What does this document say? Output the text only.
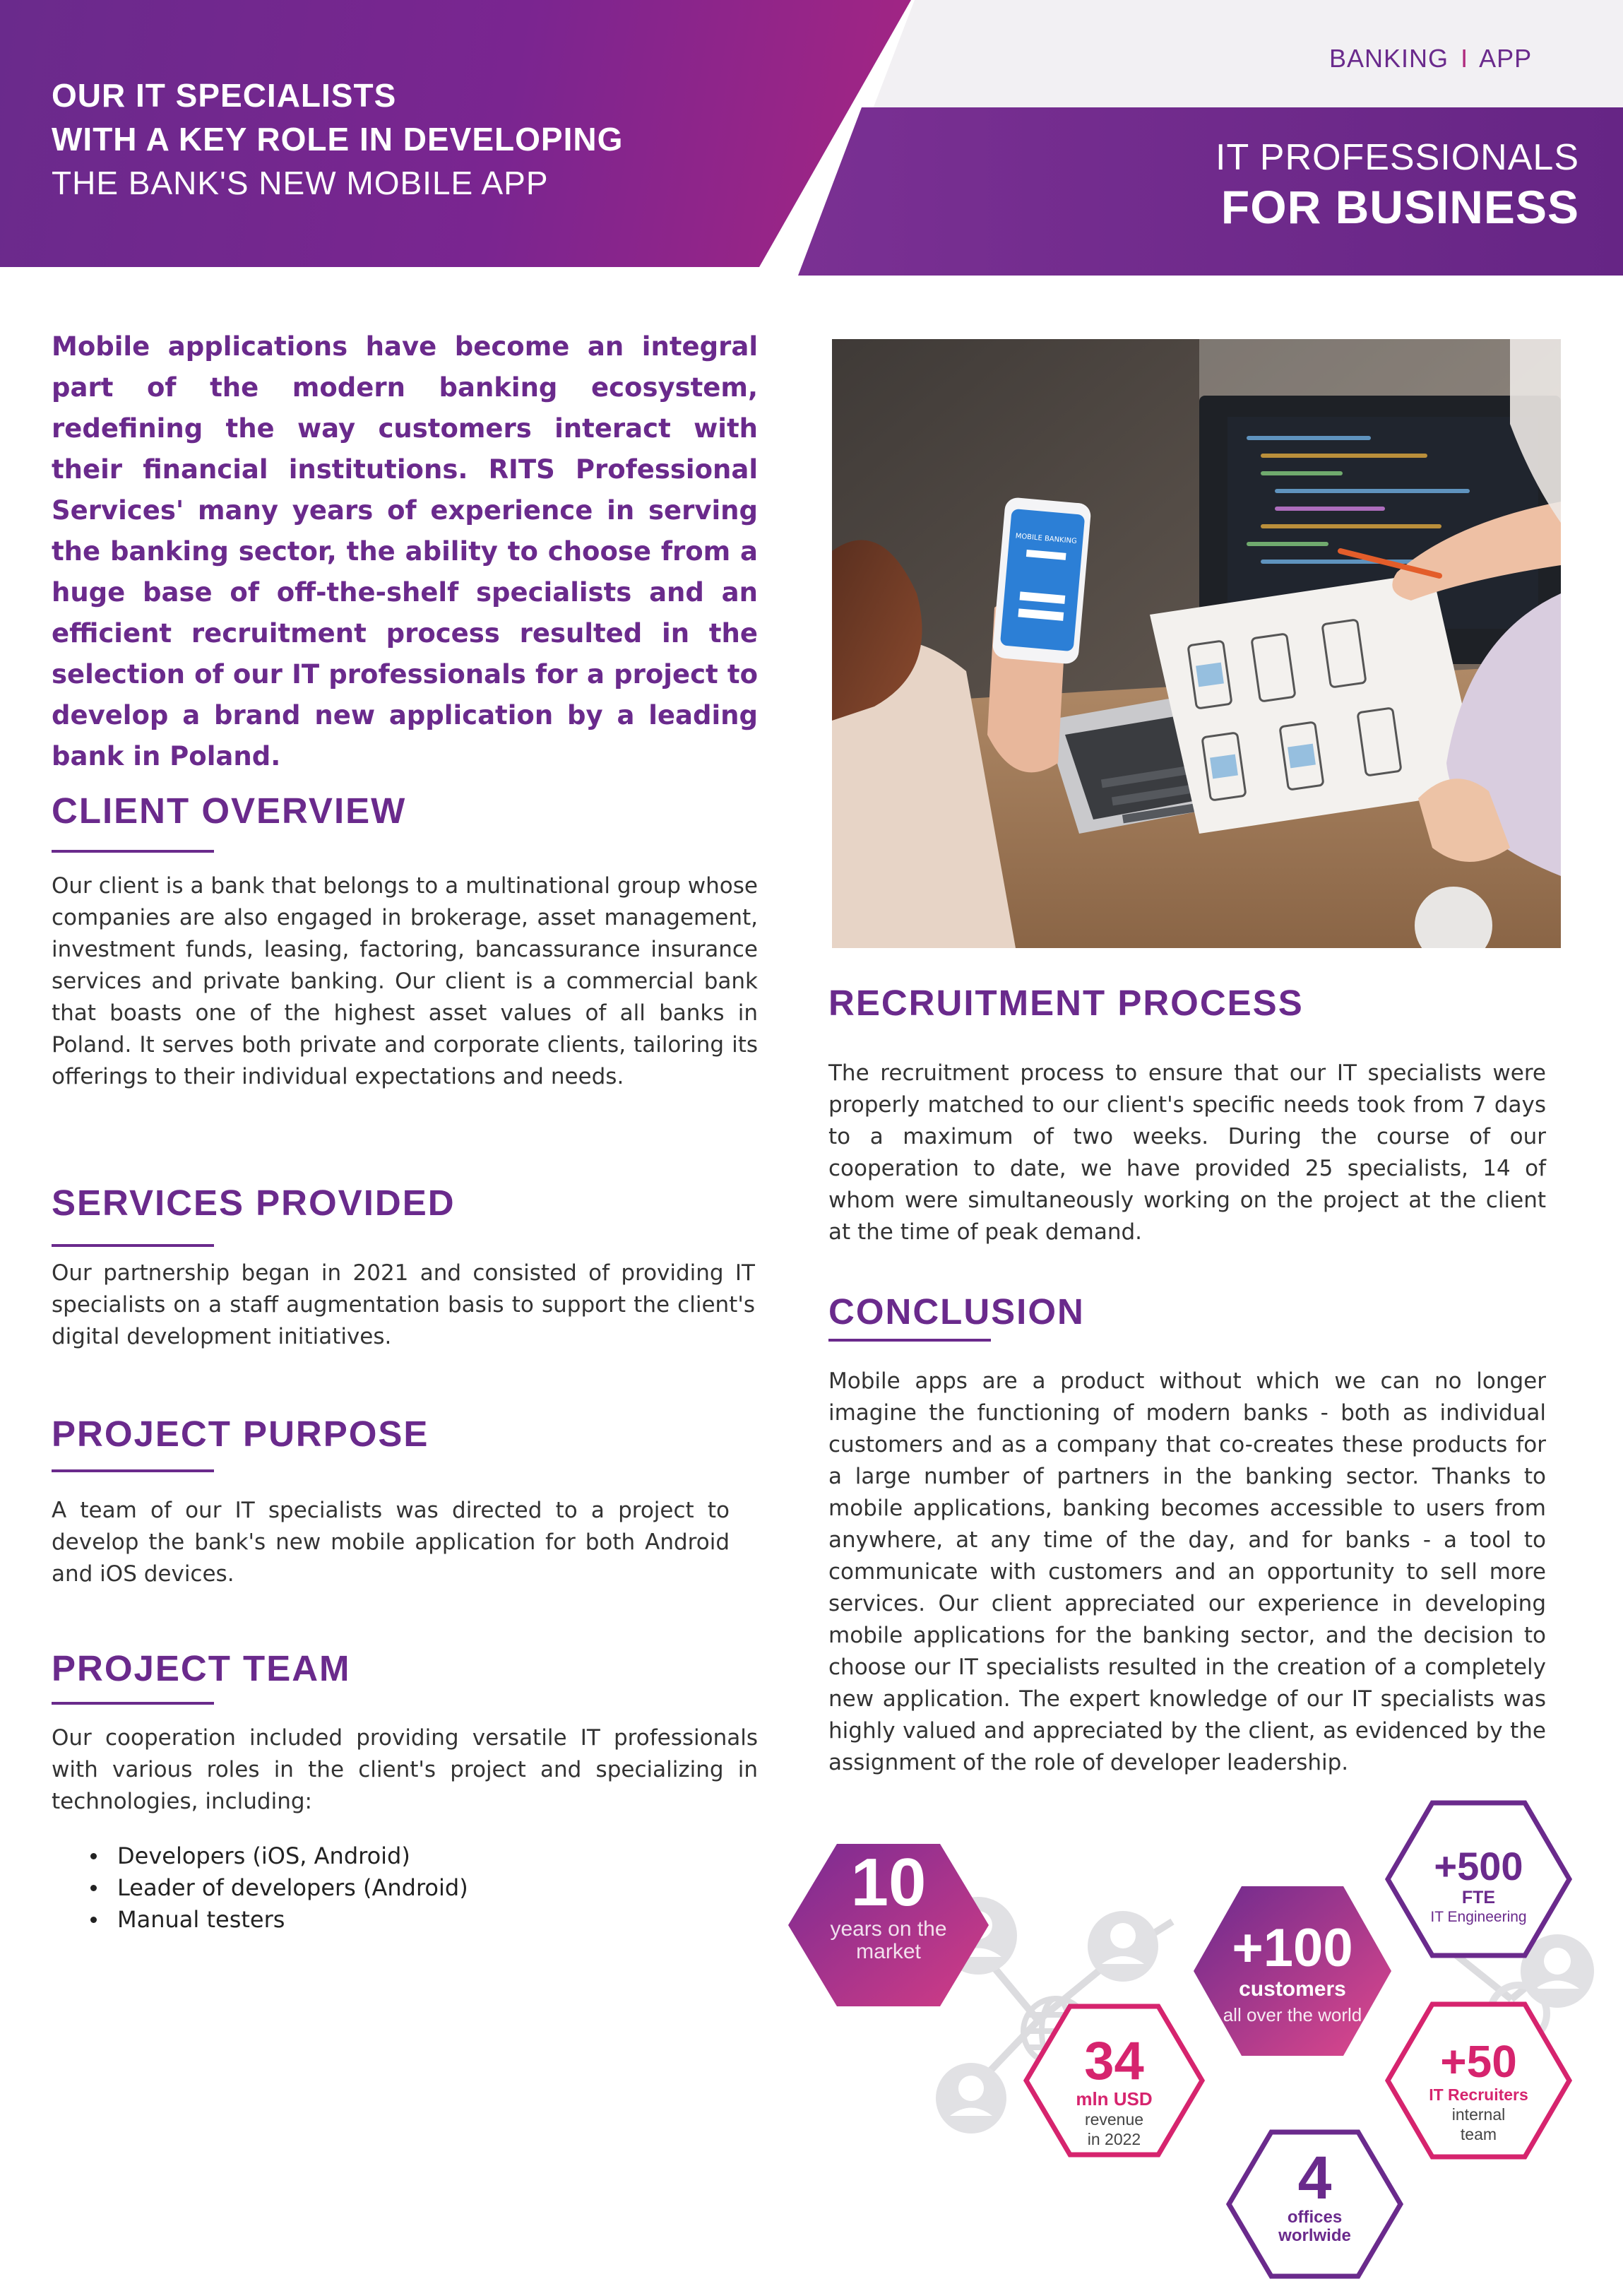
OUR IT SPECIALISTS
WITH A KEY ROLE IN DEVELOPING
THE BANK'S NEW MOBILE APP
BANKING I APP
IT PROFESSIONALS
FOR BUSINESS

Mobile applications have become an integral part of the modern banking ecosystem, redefining the way customers interact with their financial institutions. RITS Professional Services' many years of experience in serving the banking sector, the ability to choose from a huge base of off-the-shelf specialists and an efficient recruitment process resulted in the selection of our IT professionals for a project to develop a brand new application by a leading bank in Poland.

CLIENT OVERVIEW

Our client is a bank that belongs to a multinational group whose companies are also engaged in brokerage, asset management, investment funds, leasing, factoring, bancassurance insurance services and private banking. Our client is a commercial bank that boasts one of the highest asset values of all banks in Poland. It serves both private and corporate clients, tailoring its offerings to their individual expectations and needs.

SERVICES PROVIDED

Our partnership began in 2021 and consisted of providing IT specialists on a staff augmentation basis to support the client's digital development initiatives.

PROJECT PURPOSE

A team of our IT specialists was directed to a project to develop the bank's new mobile application for both Android and iOS devices.

PROJECT TEAM

Our cooperation included providing versatile IT professionals with various roles in the client's project and specializing in technologies, including:

Developers (iOS, Android)
Leader of developers (Android)
Manual testers
MOBILE BANKING
RECRUITMENT PROCESS

The recruitment process to ensure that our IT specialists were properly matched to our client's specific needs took from 7 days to a maximum of two weeks. During the course of our cooperation to date, we have provided 25 specialists, 14 of whom were simultaneously working on the project at the client at the time of peak demand.

CONCLUSION

Mobile apps are a product without which we can no longer imagine the functioning of modern banks - both as individual customers and as a company that co-creates these products for a large number of partners in the banking sector. Thanks to mobile applications, banking becomes accessible to users from anywhere, at any time of the day, and for banks - a tool to communicate with customers and an opportunity to sell more services. Our client appreciated our experience in developing mobile applications for the banking sector, and the decision to choose our IT specialists resulted in the creation of a completely new application. The expert knowledge of our IT specialists was highly valued and appreciated by the client, as evidenced by the assignment of the role of developer leadership.

10
years on the
market	+100
customers
all over the world
+500
FTE
IT Engineering
34
mln USD
revenue
in 2022
+50
IT Recruiters
internal
team
4
offices
worlwide
